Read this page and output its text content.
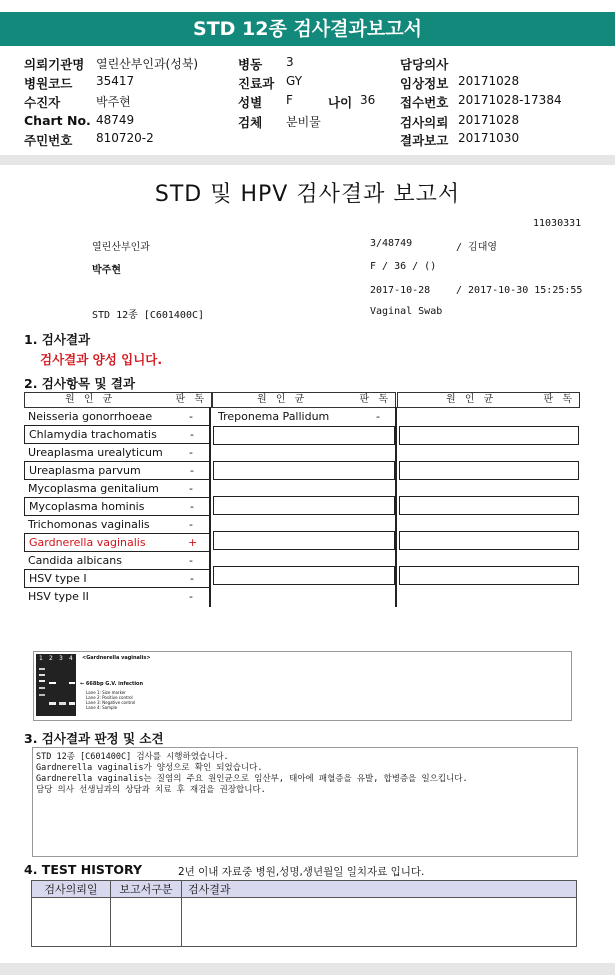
STD 12종 검사결과보고서
의뢰기관명 열린산부인과(성북)
병원코드 35417
수진자	박주현
Chart No. 48749
주민번호 810720-2
병동 3
진료과 GY
성별 F	나이 36
검체 분비물
담당의사
임상정보 20171028
접수번호 20171028-17384
검사의뢰 20171028
결과보고 20171030
STD 및 HPV 검사결과 보고서
11030331
열린산부인과
박주현
STD 12종 [C601400C]
3/48749	/ 김대영
F / 36 / ()
2017-10-28	/ 2017-10-30 15:25:55
Vaginal Swab
1. 검사결과
검사결과 양성 입니다.
2. 검사항목 및 결과
원 인 균	판 독	원 인 균	판 독	원 인 균	판 독
Neisseria gonorrhoeae	-
Chlamydia trachomatis	-
Ureaplasma urealyticum -
Ureaplasma parvum	-
Mycoplasma genitalium	-
Mycoplasma hominis	-
Trichomonas vaginalis	-
Gardnerella vaginalis	+
Candida albicans	-
HSV type I	-
HSV type II	-
Treponema Pallidum	-
1 2 3 4 <Gardnerella vaginalis>
← 668bp G.V. infection
Lane 1: Size marker
Lane 2: Positive control
Lane 3: Negative control
Lane 4: Sample
3. 검사결과 판정 및 소견
STD 12종 [C601400C] 검사를 시행하였습니다.
Gardnerella vaginalis가 양성으로 확인 되었습니다.
Gardnerella vaginalis는 질염의 주요 원인균으로 임산부, 태아에 패혈증을 유발, 합병증을 일으킵니다.
담당 의사 선생님과의 상담과 치료 후 재검을 권장합니다.
4. TEST HISTORY	2년 이내 자료중 병원,성명,생년월일 일치자료 입니다.
검사의뢰일	보고서구분	검사결과
